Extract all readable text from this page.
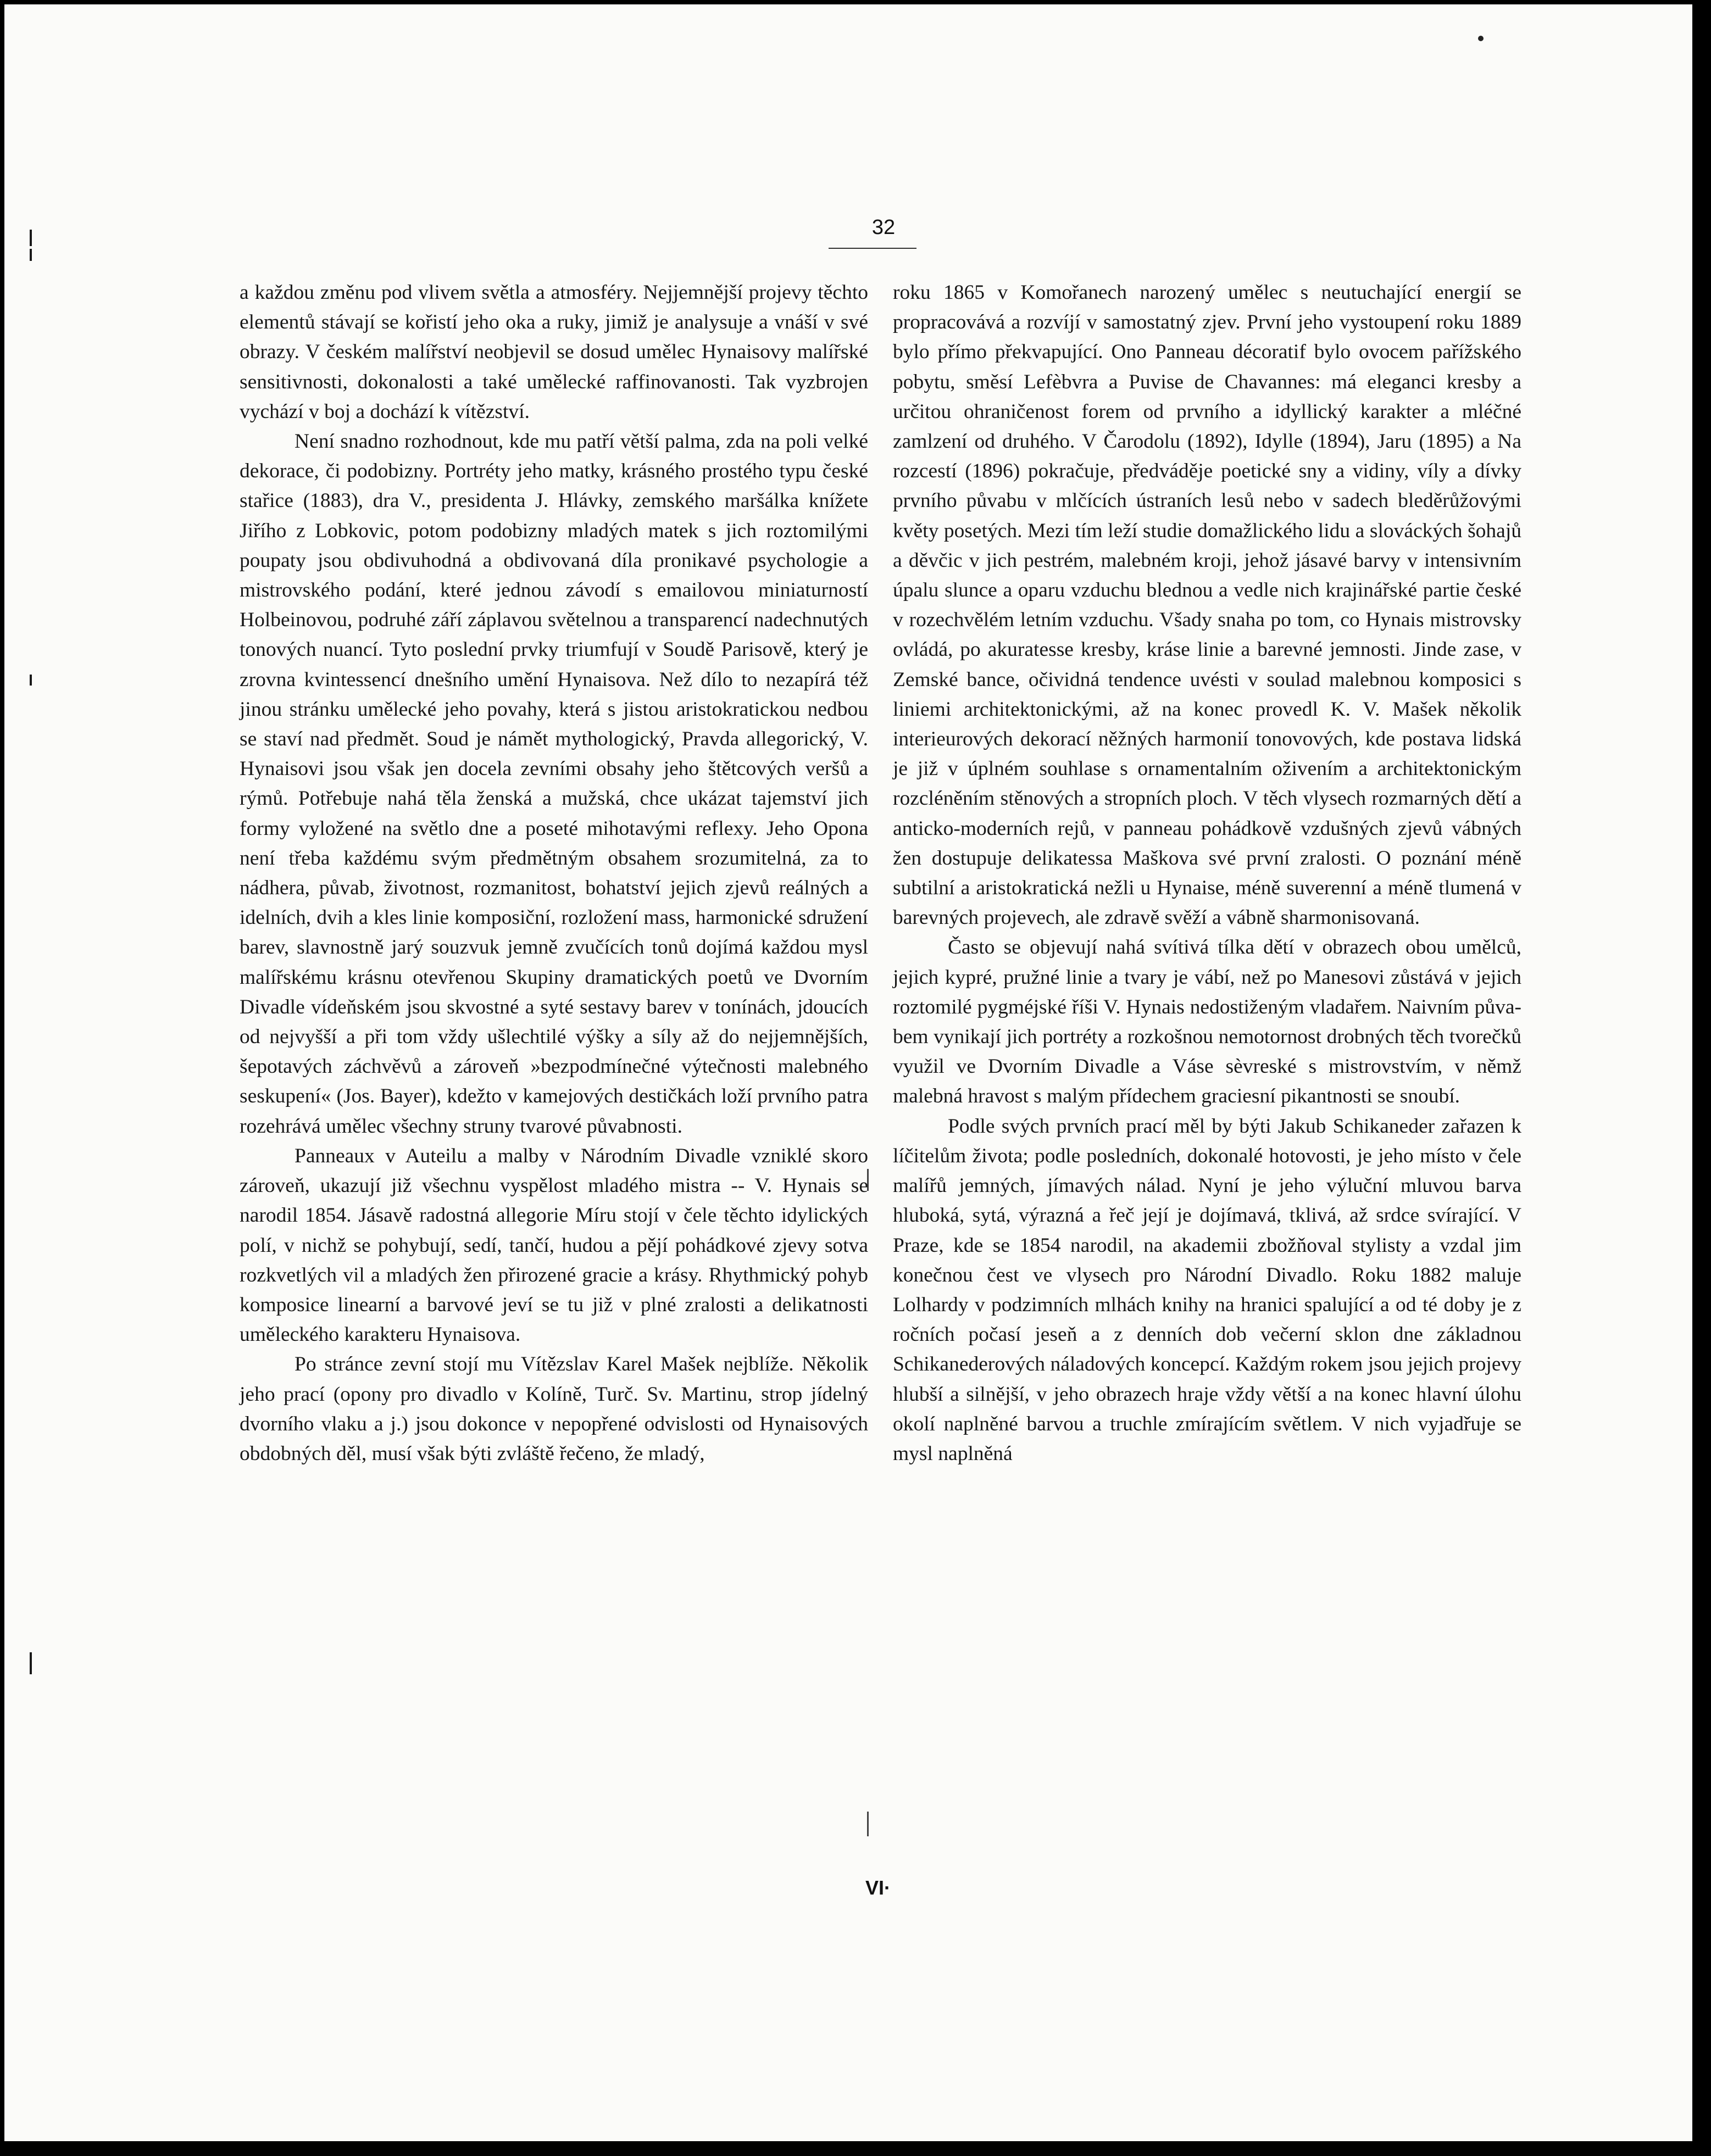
32

a každou změnu pod vlivem světla a atmosféry. Nejjemnější projevy těchto elementů stávají se kořistí jeho oka a ruky, jimiž je analysuje a vnáší v své obrazy. V českém malířství neobjevil se dosud umělec Hynaisovy malířské sensitivnosti, dokonalosti a také umělecké raffinovanosti. Tak vyzbrojen vychází v boj a dochází k vítězství.

Není snadno rozhodnout, kde mu patří větší palma, zda na poli velké dekorace, či podobizny. Portréty jeho matky, krásného prostého typu české stařice (1883), dra V., presidenta J. Hlávky, zemského maršálka knížete Jiřího z Lobkovic, potom podobizny mladých matek s jich roztomilými poupaty jsou obdivuhodná a obdivovaná díla pronikavé psychologie a mistrovského podání, které jednou závodí s emailovou miniaturností Holbeinovou, podruhé září záplavou světelnou a transparencí nadechnutých tonových nuancí. Tyto poslední prvky triumfují v Soudě Parisově, který je zrovna kvintessencí dnešního umění Hynaisova. Než dílo to nezapírá též jinou stránku umělecké jeho povahy, která s jistou aristokratickou nedbou se staví nad předmět. Soud je námět mythologický, Pravda allegorický, V. Hynaisovi jsou však jen docela zevními obsahy jeho štětcových veršů a rýmů. Potřebuje nahá těla ženská a mužská, chce ukázat tajemství jich formy vyložené na světlo dne a poseté mihotavými reflexy. Jeho Opona není třeba každému svým předmětným obsahem srozumitelná, za to nádhera, půvab, životnost, rozmanitost, bohatství jejich zjevů reálných a idelních, dvih a kles linie komposiční, rozložení mass, harmonické sdružení barev, slavnostně jarý souzvuk jemně zvučících tonů dojímá každou mysl malířskému krásnu otevřenou Skupiny dramatických poetů ve Dvorním Divadle vídeňském jsou skvostné a syté sestavy barev v tonínách, jdoucích od nejvyšší a při tom vždy ušlechtilé výšky a síly až do nejjemnějších, šepotavých záchvěvů a zároveň »bezpodmínečné výtečnosti malebného seskupení« (Jos. Bayer), kdežto v kamejových destičkách loží prvního patra rozehrává umělec všechny struny tvarové půvabnosti.

Panneaux v Auteilu a malby v Národním Divadle vzniklé skoro zároveň, ukazují již všechnu vyspělost mladého mistra -- V. Hynais se narodil 1854. Jásavě radostná allegorie Míru stojí v čele těchto idylických polí, v nichž se pohybují, sedí, tančí, hudou a pějí pohádkové zjevy sotva rozkvetlých vil a mladých žen přirozené gracie a krásy. Rhythmický pohyb komposice linearní a barvové jeví se tu již v plné zralosti a delikatnosti uměleckého karakteru Hynaisova.

Po stránce zevní stojí mu Vítězslav Karel Mašek nejblíže. Několik jeho prací (opony pro divadlo v Kolíně, Turč. Sv. Martinu, strop jídelný dvorního vlaku a j.) jsou dokonce v nepopřené odvislosti od Hynaisových obdobných děl, musí však býti zvláště řečeno, že mladý,

roku 1865 v Komořanech narozený umělec s neutuchající energií se propracovává a rozvíjí v samostatný zjev. První jeho vystoupení roku 1889 bylo přímo překvapující. Ono Panneau décoratif bylo ovocem pařížského pobytu, směsí Lefèbvra a Puvise de Chavannes: má eleganci kresby a určitou ohraničenost forem od prvního a idyllický karakter a mléčné zamlzení od druhého. V Čarodolu (1892), Idylle (1894), Jaru (1895) a Na rozcestí (1896) pokračuje, předváděje poetické sny a vidiny, víly a dívky prvního půvabu v mlčících ústraních lesů nebo v sadech bleděrůžovými květy posetých. Mezi tím leží studie domažlického lidu a slováckých šohajů a děvčic v jich pestrém, malebném kroji, jehož jásavé barvy v intensivním úpalu slunce a oparu vzduchu blednou a vedle nich krajinářské partie české v rozechvělém letním vzduchu. Všady snaha po tom, co Hynais mistrovsky ovládá, po akuratesse kresby, kráse linie a barevné jemnosti. Jinde zase, v Zemské bance, očividná tendence uvésti v soulad malebnou komposici s liniemi architektonickými, až na konec provedl K. V. Mašek několik interieurových dekorací něžných harmonií tonovových, kde postava lidská je již v úplném souhlase s ornamentalním oživením a architektonickým rozcléněním stěnových a stropních ploch. V těch vlysech rozmarných dětí a anticko-moderních rejů, v panneau pohádkově vzdušných zjevů vábných žen dostupuje delikatessa Maškova své první zralosti. O poznání méně subtilní a aristokratická nežli u Hynaise, méně suverenní a méně tlumená v barevných projevech, ale zdravě svěží a vábně sharmonisovaná.

Často se objevují nahá svítivá tílka dětí v obrazech obou umělců, jejich kypré, pružné linie a tvary je vábí, než po Manesovi zůstává v jejich roztomilé pygméjské říši V. Hynais nedostiženým vladařem. Naivním půvabem vynikají jich portréty a rozkošnou nemotornost drobných těch tvorečků využil ve Dvorním Divadle a Váse sèvreské s mistrovstvím, v němž malebná hravost s malým přídechem graciesní pikantnosti se snoubí.

Podle svých prvních prací měl by býti Jakub Schikaneder zařazen k líčitelům života; podle posledních, dokonalé hotovosti, je jeho místo v čele malířů jemných, jímavých nálad. Nyní je jeho výluční mluvou barva hluboká, sytá, výrazná a řeč její je dojímavá, tklivá, až srdce svírající. V Praze, kde se 1854 narodil, na akademii zbožňoval stylisty a vzdal jim konečnou čest ve vlysech pro Národní Divadlo. Roku 1882 maluje Lolhardy v podzimních mlhách knihy na hranici spalující a od té doby je z ročních počasí jeseň a z denních dob večerní sklon dne základnou Schikanederových náladových koncepcí. Každým rokem jsou jejich projevy hlubší a silnější, v jeho obrazech hraje vždy větší a na konec hlavní úlohu okolí naplněné barvou a truchle zmírajícím světlem. V nich vyjadřuje se mysl naplněná

VI·
